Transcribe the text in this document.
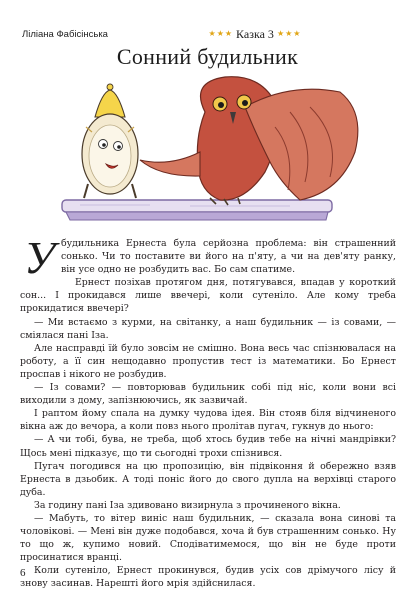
Ліліана Фабісінська	★★★ Казка 3 ★★★
Сонний будильник

У будильника Ернеста була серйозна проблема: він страшенний сонько. Чи то поставите ви його на п'яту, а чи на дев'яту ранку, він усе одно не розбудить вас. Бо сам спатиме.

Ернест позіхав протягом дня, потягувався, впадав у короткий сон... І прокидався лише ввечері, коли сутеніло. Але кому треба прокидатися ввечері?

— Ми встаємо з курми, на світанку, а наш будильник — із совами, — сміялася пані Іза.

Але насправді їй було зовсім не смішно. Вона весь час спізнювалася на роботу, а її син нещодавно пропустив тест із математики. Бо Ернест проспав і нікого не розбудив.

— Із совами? — повторював будильник собі під ніс, коли вони всі виходили з дому, запізнюючись, як зазвичай.

І раптом йому спала на думку чудова ідея. Він стояв біля відчиненого вікна аж до вечора, а коли повз нього пролітав пугач, гукнув до нього:

— А чи тобі, бува, не треба, щоб хтось будив тебе на нічні мандрівки? Щось мені підказує, що ти сьогодні трохи спізнився.

Пугач погодився на цю пропозицію, він підвіконня й обережно взяв Ернеста в дзьобик. А тоді поніс його до свого дупла на верхівці старого дуба.

За годину пані Іза здивовано визирнула з прочиненого вікна.

— Мабуть, то вітер виніс наш будильник, — сказала вона синові та чоловікові. — Мені він дуже подобався, хоча й був страшенним сонько. Ну то що ж, купимо новий. Сподіватимемося, що він не буде проти просинатися вранці.

Коли сутеніло, Ернест прокинувся, будив усіх сов дрімучого лісу й знову засинав. Нарешті його мрія здійснилася.

6
